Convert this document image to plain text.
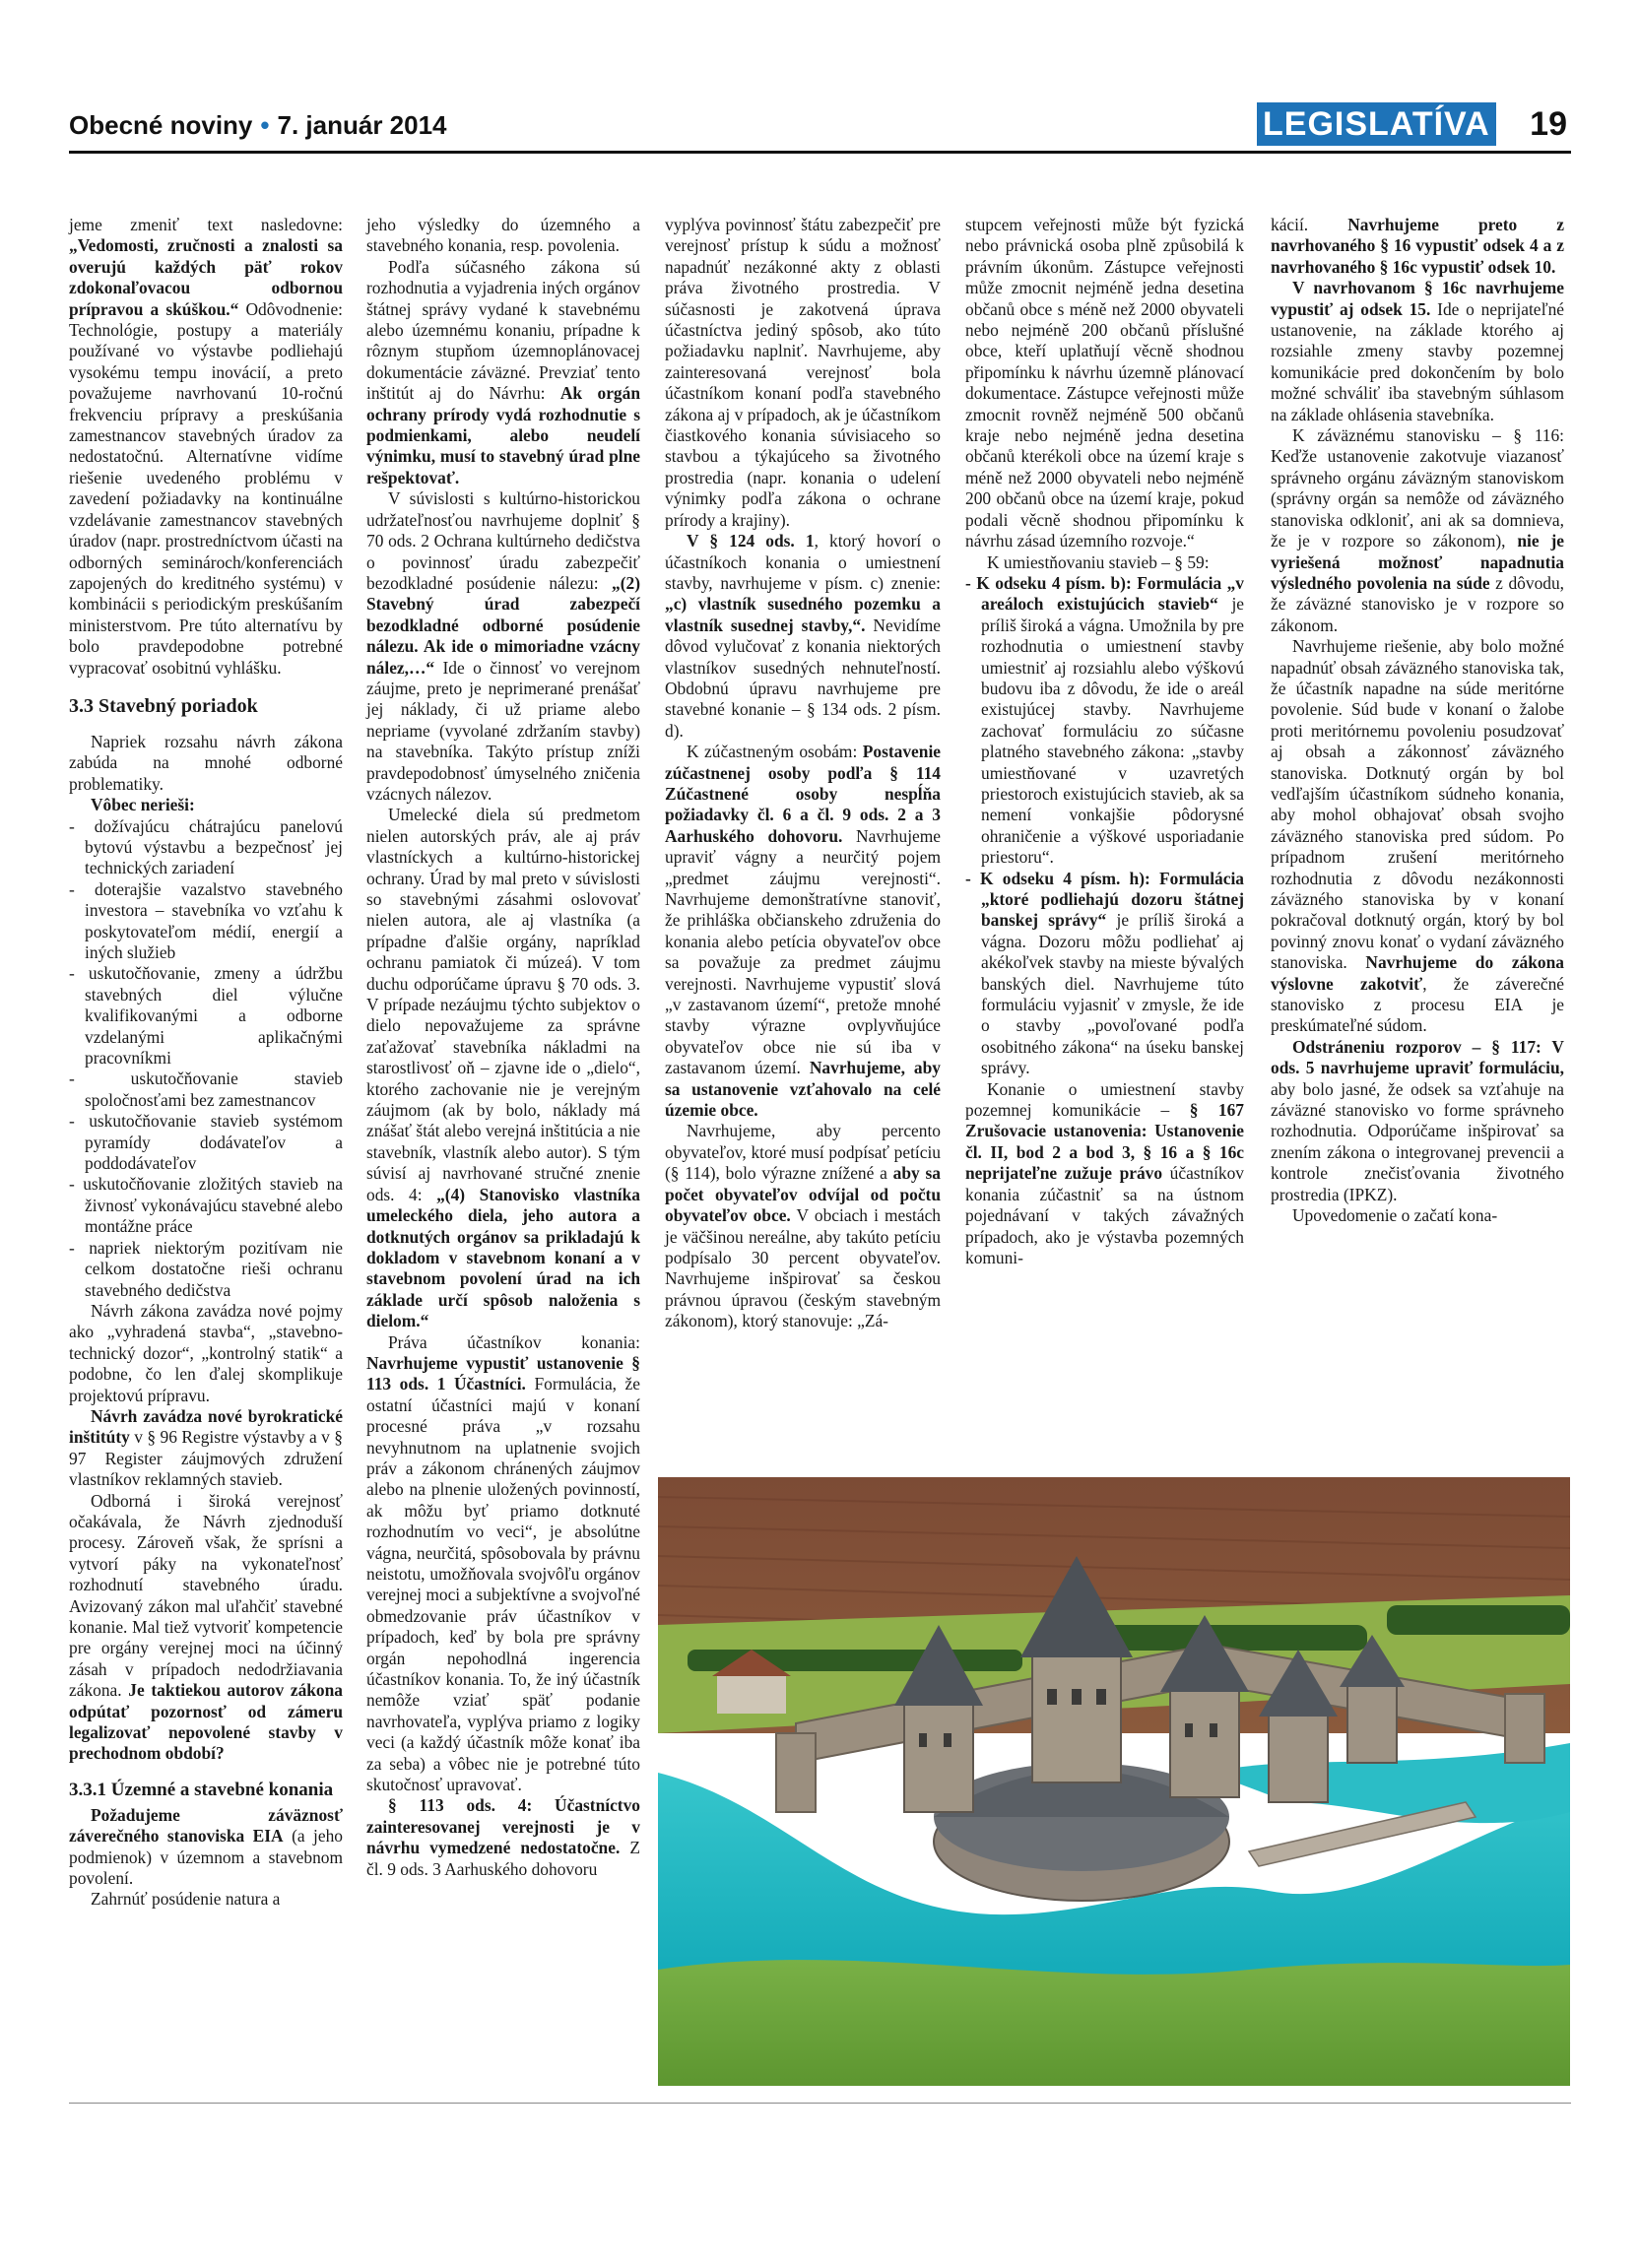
Obecné noviny • 7. január 2014	LEGISLATÍVA 19

jeme zmeniť text nasledovne: „Vedomosti, zručnosti a znalosti sa overujú každých päť rokov zdokonaľovacou odbornou prípravou a skúškou.“ Odôvodnenie: Technológie, postupy a materiály používané vo výstavbe podliehajú vysokému tempu inovácií, a preto považujeme navrhovanú 10-ročnú frekvenciu prípravy a preskúšania zamestnancov stavebných úradov za nedostatočnú. Alternatívne vidíme riešenie uvedeného problému v zavedení požiadavky na kontinuálne vzdelávanie zamestnancov stavebných úradov (napr. prostredníctvom účasti na odborných seminároch/konferenciách zapojených do kreditného systému) v kombinácii s periodickým preskúšaním ministerstvom. Pre túto alternatívu by bolo pravdepodobne potrebné vypracovať osobitnú vyhlášku.

3.3 Stavebný poriadok

Napriek rozsahu návrh zákona zabúda na mnohé odborné problematiky.

Vôbec nerieši:

- dožívajúcu chátrajúcu panelovú bytovú výstavbu a bezpečnosť jej technických zariadení
- doterajšie vazalstvo stavebného investora – stavebníka vo vzťahu k poskytovateľom médií, energií a iných služieb
- uskutočňovanie, zmeny a údržbu stavebných diel výlučne kvalifikovanými a odborne vzdelanými aplikačnými pracovníkmi
- uskutočňovanie stavieb spoločnosťami bez zamestnancov
- uskutočňovanie stavieb systémom pyramídy dodávateľov a poddodávateľov
- uskutočňovanie zložitých stavieb na živnosť vykonávajúcu stavebné alebo montážne práce
- napriek niektorým pozitívam nie celkom dostatočne rieši ochranu stavebného dedičstva

Návrh zákona zavádza nové pojmy ako „vyhradená stavba“, „stavebno-technický dozor“, „kontrolný statik“ a podobne, čo len ďalej skomplikuje projektovú prípravu.

Návrh zavádza nové byrokratické inštitúty v § 96 Registre výstavby a v § 97 Register záujmových združení vlastníkov reklamných stavieb.

Odborná i široká verejnosť očakávala, že Návrh zjednoduší procesy. Zároveň však, že sprísni a vytvorí páky na vykonateľnosť rozhodnutí stavebného úradu. Avizovaný zákon mal uľahčiť stavebné konanie. Mal tiež vytvoriť kompetencie pre orgány verejnej moci na účinný zásah v prípadoch nedodržiavania zákona. Je taktiekou autorov zákona odpútať pozornosť od zámeru legalizovať nepovolené stavby v prechodnom období?

3.3.1 Územné a stavebné konania

Požadujeme záväznosť záverečného stanoviska EIA (a jeho podmienok) v územnom a stavebnom povolení.

Zahrnúť posúdenie natura a

jeho výsledky do územného a stavebného konania, resp. povolenia.

Podľa súčasného zákona sú rozhodnutia a vyjadrenia iných orgánov štátnej správy vydané k stavebnému alebo územnému konaniu, prípadne k rôznym stupňom územnoplánovacej dokumentácie záväzné. Prevziať tento inštitút aj do Návrhu: Ak orgán ochrany prírody vydá rozhodnutie s podmienkami, alebo neudelí výnimku, musí to stavebný úrad plne rešpektovať.

V súvislosti s kultúrno-historickou udržateľnosťou navrhujeme doplniť § 70 ods. 2 Ochrana kultúrneho dedičstva o povinnosť úradu zabezpečiť bezodkladné posúdenie nálezu: „(2) Stavebný úrad zabezpečí bezodkladné odborné posúdenie nálezu. Ak ide o mimoriadne vzácny nález,…“ Ide o činnosť vo verejnom záujme, preto je neprimerané prenášať jej náklady, či už priame alebo nepriame (vyvolané zdržaním stavby) na stavebníka. Takýto prístup zníži pravdepodobnosť úmyselného zničenia vzácnych nálezov.

Umelecké diela sú predmetom nielen autorských práv, ale aj práv vlastníckych a kultúrno-historickej ochrany. Úrad by mal preto v súvislosti so stavebnými zásahmi oslovovať nielen autora, ale aj vlastníka (a prípadne ďalšie orgány, napríklad ochranu pamiatok či múzeá). V tom duchu odporúčame úpravu § 70 ods. 3. V prípade nezáujmu týchto subjektov o dielo nepovažujeme za správne zaťažovať stavebníka nákladmi na starostlivosť oň – zjavne ide o „dielo“, ktorého zachovanie nie je verejným záujmom (ak by bolo, náklady má znášať štát alebo verejná inštitúcia a nie stavebník, vlastník alebo autor). S tým súvisí aj navrhované stručné znenie ods. 4: „(4) Stanovisko vlastníka umeleckého diela, jeho autora a dotknutých orgánov sa prikladajú k dokladom v stavebnom konaní a v stavebnom povolení úrad na ich základe určí spôsob naloženia s dielom.“

Práva účastníkov konania: Navrhujeme vypustiť ustanovenie § 113 ods. 1 Účastníci. Formulácia, že ostatní účastníci majú v konaní procesné práva „v rozsahu nevyhnutnom na uplatnenie svojich práv a zákonom chránených záujmov alebo na plnenie uložených povinností, ak môžu byť priamo dotknuté rozhodnutím vo veci“, je absolútne vágna, neurčitá, spôsobovala by právnu neistotu, umožňovala svojvôľu orgánov verejnej moci a subjektívne a svojvoľné obmedzovanie práv účastníkov v prípadoch, keď by bola pre správny orgán nepohodlná ingerencia účastníkov konania. To, že iný účastník nemôže vziať späť podanie navrhovateľa, vyplýva priamo z logiky veci (a každý účastník môže konať iba za seba) a vôbec nie je potrebné túto skutočnosť upravovať.

§ 113 ods. 4: Účastníctvo zainteresovanej verejnosti je v návrhu vymedzené nedostatočne. Z čl. 9 ods. 3 Aarhuského dohovoru

vyplýva povinnosť štátu zabezpečiť pre verejnosť prístup k súdu a možnosť napadnúť nezákonné akty z oblasti práva životného prostredia. V súčasnosti je zakotvená úprava účastníctva jediný spôsob, ako túto požiadavku naplniť. Navrhujeme, aby zainteresovaná verejnosť bola účastníkom konaní podľa stavebného zákona aj v prípadoch, ak je účastníkom čiastkového konania súvisiaceho so stavbou a týkajúceho sa životného prostredia (napr. konania o udelení výnimky podľa zákona o ochrane prírody a krajiny).

V § 124 ods. 1, ktorý hovorí o účastníkoch konania o umiestnení stavby, navrhujeme v písm. c) znenie: „c) vlastník susedného pozemku a vlastník susednej stavby,“. Nevidíme dôvod vylučovať z konania niektorých vlastníkov susedných nehnuteľností. Obdobnú úpravu navrhujeme pre stavebné konanie – § 134 ods. 2 písm. d).

K zúčastneným osobám: Postavenie zúčastnenej osoby podľa § 114 Zúčastnené osoby nespĺňa požiadavky čl. 6 a čl. 9 ods. 2 a 3 Aarhuského dohovoru. Navrhujeme upraviť vágny a neurčitý pojem „predmet záujmu verejnosti“. Navrhujeme demonštratívne stanoviť, že prihláška občianskeho združenia do konania alebo petícia obyvateľov obce sa považuje za predmet záujmu verejnosti. Navrhujeme vypustiť slová „v zastavanom území“, pretože mnohé stavby výrazne ovplyvňujúce obyvateľov obce nie sú iba v zastavanom území. Navrhujeme, aby sa ustanovenie vzťahovalo na celé územie obce.

Navrhujeme, aby percento obyvateľov, ktoré musí podpísať petíciu (§ 114), bolo výrazne znížené a aby sa počet obyvateľov odvíjal od počtu obyvateľov obce. V obciach i mestách je väčšinou nereálne, aby takúto petíciu podpísalo 30 percent obyvateľov. Navrhujeme inšpirovať sa českou právnou úpravou (českým stavebným zákonom), ktorý stanovuje: „Zá-

stupcem veřejnosti může být fyzická nebo právnická osoba plně způsobilá k právním úkonům. Zástupce veřejnosti může zmocnit nejméně jedna desetina občanů obce s méně než 2000 obyvateli nebo nejméně 200 občanů příslušné obce, kteří uplatňují věcně shodnou připomínku k návrhu územně plánovací dokumentace. Zástupce veřejnosti může zmocnit rovněž nejméně 500 občanů kraje nebo nejméně jedna desetina občanů kterékoli obce na území kraje s méně než 2000 obyvateli nebo nejméně 200 občanů obce na území kraje, pokud podali věcně shodnou připomínku k návrhu zásad územního rozvoje.“

K umiestňovaniu stavieb – § 59:

- K odseku 4 písm. b): Formulácia „v areáloch existujúcich stavieb“ je príliš široká a vágna. Umožnila by pre rozhodnutia o umiestnení stavby umiestniť aj rozsiahlu alebo výškovú budovu iba z dôvodu, že ide o areál existujúcej stavby. Navrhujeme zachovať formuláciu zo súčasne platného stavebného zákona: „stavby umiestňované v uzavretých priestoroch existujúcich stavieb, ak sa nemení vonkajšie pôdorysné ohraničenie a výškové usporiadanie priestoru“.
- K odseku 4 písm. h): Formulácia „ktoré podliehajú dozoru štátnej banskej správy“ je príliš široká a vágna. Dozoru môžu podliehať aj akékoľvek stavby na mieste bývalých banských diel. Navrhujeme túto formuláciu vyjasniť v zmysle, že ide o stavby „povoľované podľa osobitného zákona“ na úseku banskej správy.

Konanie o umiestnení stavby pozemnej komunikácie – § 167 Zrušovacie ustanovenia: Ustanovenie čl. II, bod 2 a bod 3, § 16 a § 16c neprijateľne zužuje právo účastníkov konania zúčastniť sa na ústnom pojednávaní v takých závažných prípadoch, ako je výstavba pozemných komuni-

kácií. Navrhujeme preto z navrhovaného § 16 vypustiť odsek 4 a z navrhovaného § 16c vypustiť odsek 10.

V navrhovanom § 16c navrhujeme vypustiť aj odsek 15. Ide o neprijateľné ustanovenie, na základe ktorého aj rozsiahle zmeny stavby pozemnej komunikácie pred dokončením by bolo možné schváliť iba stavebným súhlasom na základe ohlásenia stavebníka.

K záväznému stanovisku – § 116: Keďže ustanovenie zakotvuje viazanosť správneho orgánu záväzným stanoviskom (správny orgán sa nemôže od záväzného stanoviska odkloniť, ani ak sa domnieva, že je v rozpore so zákonom), nie je vyriešená možnosť napadnutia výsledného povolenia na súde z dôvodu, že záväzné stanovisko je v rozpore so zákonom.

Navrhujeme riešenie, aby bolo možné napadnúť obsah záväzného stanoviska tak, že účastník napadne na súde meritórne povolenie. Súd bude v konaní o žalobe proti meritórnemu povoleniu posudzovať aj obsah a zákonnosť záväzného stanoviska. Dotknutý orgán by bol vedľajším účastníkom súdneho konania, aby mohol obhajovať obsah svojho záväzného stanoviska pred súdom. Po prípadnom zrušení meritórneho rozhodnutia z dôvodu nezákonnosti záväzného stanoviska by v konaní pokračoval dotknutý orgán, ktorý by bol povinný znovu konať o vydaní záväzného stanoviska. Navrhujeme do zákona výslovne zakotviť, že záverečné stanovisko z procesu EIA je preskúmateľné súdom.

Odstráneniu rozporov – § 117: V ods. 5 navrhujeme upraviť formuláciu, aby bolo jasné, že odsek sa vzťahuje na záväzné stanovisko vo forme správneho rozhodnutia. Odporúčame inšpirovať sa znením zákona o integrovanej prevencii a kontrole znečisťovania životného prostredia (IPKZ).

Upovedomenie o začatí kona-
